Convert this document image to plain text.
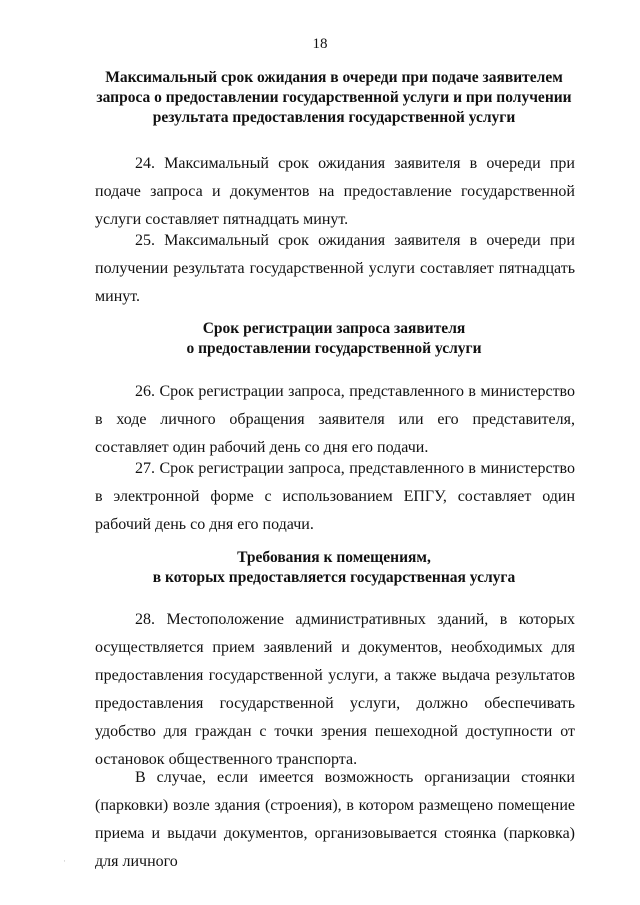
18
Максимальный срок ожидания в очереди при подаче заявителем
запроса о предоставлении государственной услуги и при получении
результата предоставления государственной услуги

24. Максимальный срок ожидания заявителя в очереди при подаче запроса и документов на предоставление государственной услуги составляет пятнадцать минут.

25. Максимальный срок ожидания заявителя в очереди при получении результата государственной услуги составляет пятнадцать минут.

Срок регистрации запроса заявителя
о предоставлении государственной услуги

26. Срок регистрации запроса, представленного в министерство в ходе личного обращения заявителя или его представителя, составляет один рабочий день со дня его подачи.

27. Срок регистрации запроса, представленного в министерство в электронной форме с использованием ЕПГУ, составляет один рабочий день со дня его подачи.

Требования к помещениям,
в которых предоставляется государственная услуга

28. Местоположение административных зданий, в которых осуществляется прием заявлений и документов, необходимых для предоставления государственной услуги, а также выдача результатов предоставления государственной услуги, должно обеспечивать удобство для граждан с точки зрения пешеходной доступности от остановок общественного транспорта.

В случае, если имеется возможность организации стоянки (парковки) возле здания (строения), в котором размещено помещение приема и выдачи документов, организовывается стоянка (парковка) для личного

·
